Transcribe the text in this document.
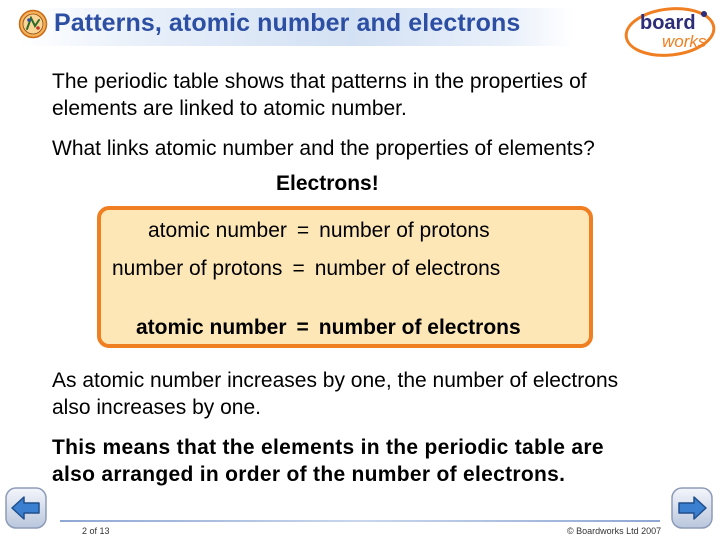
Patterns, atomic number and electrons	board
works
The periodic table shows that patterns in the properties of
elements are linked to atomic number.
What links atomic number and the properties of elements?
Electrons!
atomic number = number of protons
number of protons = number of electrons
atomic number = number of electrons
As atomic number increases by one, the number of electrons
also increases by one.
This means that the elements in the periodic table are
also arranged in order of the number of electrons.
2 of 13	© Boardworks Ltd 2007
